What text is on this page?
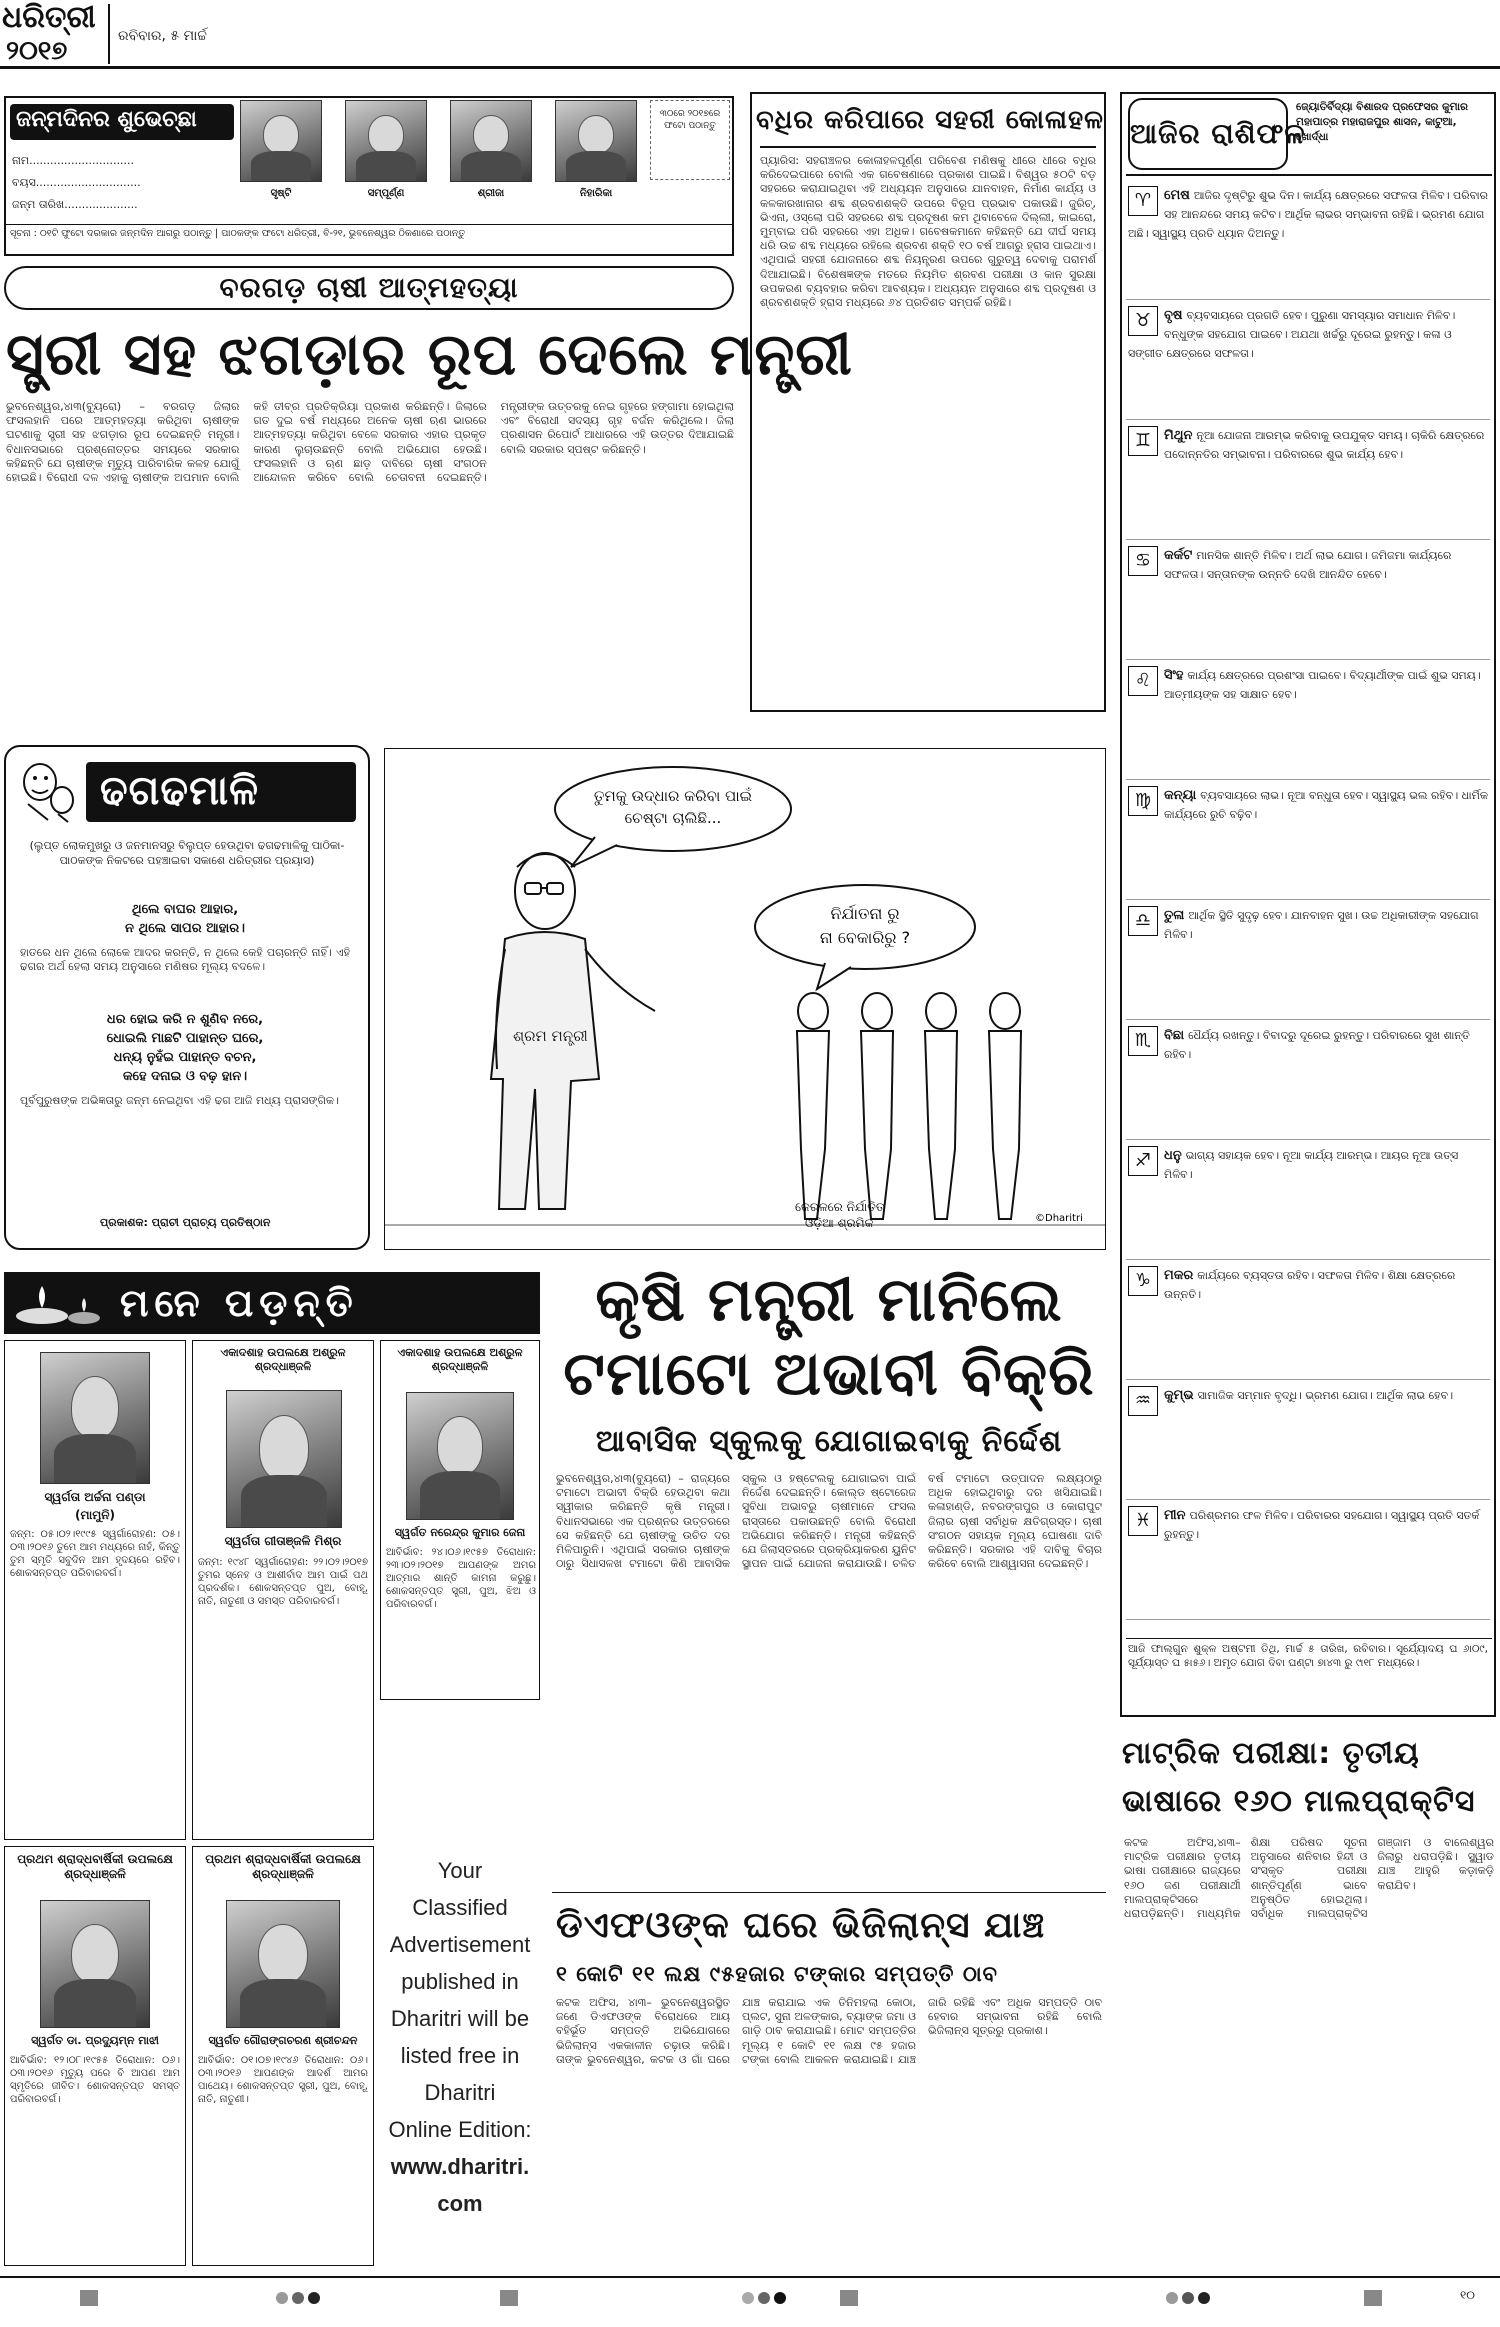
ଧରିତ୍ରୀ
୨୦୧୭	ରବିବାର, ୫ ମାର୍ଚ୍ଚ
ଜନ୍ମଦିନର ଶୁଭେଚ୍ଛା
ନାମ..............................
ବୟସ..............................
ଜନ୍ମ ତାରିଖ.....................
ସୃଷ୍ଟି	ସମ୍ପୂର୍ଣ୍ଣ	ଶ୍ରୀଜା	ନିହାରିକା
୩୦ରେ ୨୦୧୭ରେ ଫଟୋ ପଠାନ୍ତୁ
ସୂଚନା : ୦୧ଟି ଫୁଟୋ ଦରକାର ଜନ୍ମଦିନ ଆଗରୁ ପଠାନ୍ତୁ | ପାଠକଙ୍କ ଫଟୋ ଧରିତ୍ରୀ, ବି-୨୧, ଭୁବନେଶ୍ୱର ଠିକଣାରେ ପଠାନ୍ତୁ
ବରଗଡ଼ ଚାଷୀ ଆତ୍ମହତ୍ୟା
ସ୍ତ୍ରୀ ସହ ଝଗଡ଼ାର ରୂପ ଦେଲେ ମନ୍ତ୍ରୀ
ଭୁବନେଶ୍ୱର,୪ା୩(ବ୍ୟୁରୋ) – ବରଗଡ଼ ଜିଲାର ଫସଲହାନି ପରେ ଆତ୍ମହତ୍ୟା କରିଥିବା ଚାଷୀଙ୍କ ଘଟଣାକୁ ସ୍ତ୍ରୀ ସହ ଝଗଡ଼ାର ରୂପ ଦେଇଛନ୍ତି ମନ୍ତ୍ରୀ। ବିଧାନସଭାରେ ପ୍ରଶ୍ନୋତ୍ତର ସମୟରେ ସରକାର କହିଛନ୍ତି ଯେ ଚାଷୀଙ୍କ ମୃତ୍ୟୁ ପାରିବାରିକ କଳହ ଯୋଗୁଁ ହୋଇଛି। ବିରୋଧୀ ଦଳ ଏହାକୁ ଚାଷୀଙ୍କ ଅପମାନ ବୋଲି କହି ତୀବ୍ର ପ୍ରତିକ୍ରିୟା ପ୍ରକାଶ କରିଛନ୍ତି। ଜିଲାରେ ଗତ ଦୁଇ ବର୍ଷ ମଧ୍ୟରେ ଅନେକ ଚାଷୀ ଋଣ ଭାରରେ ଆତ୍ମହତ୍ୟା କରିଥିବା ବେଳେ ସରକାର ଏହାର ପ୍ରକୃତ କାରଣ ଲୁଚାଉଛନ୍ତି ବୋଲି ଅଭିଯୋଗ ହେଉଛି। ଫସଲହାନି ଓ ଋଣ ଛାଡ଼ ଦାବିରେ ଚାଷୀ ସଂଗଠନ ଆନ୍ଦୋଳନ କରିବେ ବୋଲି ଚେତାବନୀ ଦେଇଛନ୍ତି। ମନ୍ତ୍ରୀଙ୍କ ଉତ୍ତରକୁ ନେଇ ଗୃହରେ ହଙ୍ଗାମା ହୋଇଥିଲା ଏବଂ ବିରୋଧୀ ସଦସ୍ୟ ଗୃହ ବର୍ଜନ କରିଥିଲେ। ଜିଲା ପ୍ରଶାସନ ରିପୋର୍ଟ ଆଧାରରେ ଏହି ଉତ୍ତର ଦିଆଯାଇଛି ବୋଲି ସରକାର ସ୍ପଷ୍ଟ କରିଛନ୍ତି।
ବଧିର କରିପାରେ ସହରୀ କୋଳାହଳ
ପ୍ୟାରିସ: ସହରାଞ୍ଚଳର କୋଳାହଳପୂର୍ଣ୍ଣ ପରିବେଶ ମଣିଷକୁ ଧୀରେ ଧୀରେ ବଧିର କରିଦେଇପାରେ ବୋଲି ଏକ ଗବେଷଣାରେ ପ୍ରକାଶ ପାଇଛି। ବିଶ୍ୱର ୫୦ଟି ବଡ଼ ସହରରେ କରାଯାଇଥିବା ଏହି ଅଧ୍ୟୟନ ଅନୁସାରେ ଯାନବାହନ, ନିର୍ମାଣ କାର୍ଯ୍ୟ ଓ କଳକାରଖାନାର ଶବ୍ଦ ଶ୍ରବଣଶକ୍ତି ଉପରେ ବିରୂପ ପ୍ରଭାବ ପକାଉଛି। ଜୁରିଚ୍, ଭିଏନା, ଓସ୍ଲୋ ପରି ସହରରେ ଶବ୍ଦ ପ୍ରଦୂଷଣ କମ ଥିବାବେଳେ ଦିଲ୍ଲୀ, କାଇରୋ, ମୁମ୍ବାଇ ପରି ସହରରେ ଏହା ଅଧିକ। ଗବେଷକମାନେ କହିଛନ୍ତି ଯେ ଦୀର୍ଘ ସମୟ ଧରି ଉଚ୍ଚ ଶବ୍ଦ ମଧ୍ୟରେ ରହିଲେ ଶ୍ରବଣ ଶକ୍ତି ୧୦ ବର୍ଷ ଆଗରୁ ହ୍ରାସ ପାଇଥାଏ। ଏଥିପାଇଁ ସହରୀ ଯୋଜନାରେ ଶବ୍ଦ ନିୟନ୍ତ୍ରଣ ଉପରେ ଗୁରୁତ୍ୱ ଦେବାକୁ ପରାମର୍ଶ ଦିଆଯାଇଛି। ବିଶେଷଜ୍ଞଙ୍କ ମତରେ ନିୟମିତ ଶ୍ରବଣ ପରୀକ୍ଷା ଓ କାନ ସୁରକ୍ଷା ଉପକରଣ ବ୍ୟବହାର କରିବା ଆବଶ୍ୟକ। ଅଧ୍ୟୟନ ଅନୁସାରେ ଶବ୍ଦ ପ୍ରଦୂଷଣ ଓ ଶ୍ରବଣଶକ୍ତି ହ୍ରାସ ମଧ୍ୟରେ ୬୪ ପ୍ରତିଶତ ସମ୍ପର୍କ ରହିଛି।
ଆଜିର ରାଶିଫଳ
ଜ୍ୟୋତିର୍ବିଦ୍ୟା ବିଶାରଦ ପ୍ରଫେସର କୁମାର ମହାପାତ୍ର ମହାରାଜପୁର ଶାସନ, କାଟୁଆ, ଖୋର୍ଦ୍ଧା
♈ ମେଷ ଆଜିର ଦୃଷ୍ଟିରୁ ଶୁଭ ଦିନ। କାର୍ଯ୍ୟ କ୍ଷେତ୍ରରେ ସଫଳତା ମିଳିବ। ପରିବାର ସହ ଆନନ୍ଦରେ ସମୟ କଟିବ। ଆର୍ଥିକ ଲାଭର ସମ୍ଭାବନା ରହିଛି। ଭ୍ରମଣ ଯୋଗ ଅଛି। ସ୍ୱାସ୍ଥ୍ୟ ପ୍ରତି ଧ୍ୟାନ ଦିଅନ୍ତୁ।
♉ ବୃଷ ବ୍ୟବସାୟରେ ପ୍ରଗତି ହେବ। ପୁରୁଣା ସମସ୍ୟାର ସମାଧାନ ମିଳିବ। ବନ୍ଧୁଙ୍କ ସହଯୋଗ ପାଇବେ। ଅଯଥା ଖର୍ଚ୍ଚରୁ ଦୂରେଇ ରୁହନ୍ତୁ। କଳା ଓ ସଙ୍ଗୀତ କ୍ଷେତ୍ରରେ ସଫଳତା।
♊ ମିଥୁନ ନୂଆ ଯୋଜନା ଆରମ୍ଭ କରିବାକୁ ଉପଯୁକ୍ତ ସମୟ। ଚାକିରି କ୍ଷେତ୍ରରେ ପଦୋନ୍ନତିର ସମ୍ଭାବନା। ପରିବାରରେ ଶୁଭ କାର୍ଯ୍ୟ ହେବ।
♋ କର୍କଟ ମାନସିକ ଶାନ୍ତି ମିଳିବ। ଅର୍ଥ ଲାଭ ଯୋଗ। ଜମିଜମା କାର୍ଯ୍ୟରେ ସଫଳତା। ସନ୍ତାନଙ୍କ ଉନ୍ନତି ଦେଖି ଆନନ୍ଦିତ ହେବେ।
♌ ସିଂହ କାର୍ଯ୍ୟ କ୍ଷେତ୍ରରେ ପ୍ରଶଂସା ପାଇବେ। ବିଦ୍ୟାର୍ଥୀଙ୍କ ପାଇଁ ଶୁଭ ସମୟ। ଆତ୍ମୀୟଙ୍କ ସହ ସାକ୍ଷାତ ହେବ।
♍ କନ୍ୟା ବ୍ୟବସାୟରେ ଲାଭ। ନୂଆ ବନ୍ଧୁତା ହେବ। ସ୍ୱାସ୍ଥ୍ୟ ଭଲ ରହିବ। ଧାର୍ମିକ କାର୍ଯ୍ୟରେ ରୁଚି ବଢ଼ିବ।
♎ ତୁଳା ଆର୍ଥିକ ସ୍ଥିତି ସୁଦୃଢ଼ ହେବ। ଯାନବାହନ ସୁଖ। ଉଚ୍ଚ ଅଧିକାରୀଙ୍କ ସହଯୋଗ ମିଳିବ।
♏ ବିଛା ଧୈର୍ଯ୍ୟ ରଖନ୍ତୁ। ବିବାଦରୁ ଦୂରେଇ ରୁହନ୍ତୁ। ପରିବାରରେ ସୁଖ ଶାନ୍ତି ରହିବ।
♐ ଧନୁ ଭାଗ୍ୟ ସହାୟକ ହେବ। ନୂଆ କାର୍ଯ୍ୟ ଆରମ୍ଭ। ଆୟର ନୂଆ ଉତ୍ସ ମିଳିବ।
♑ ମକର କାର୍ଯ୍ୟରେ ବ୍ୟସ୍ତତା ରହିବ। ସଫଳତା ମିଳିବ। ଶିକ୍ଷା କ୍ଷେତ୍ରରେ ଉନ୍ନତି।
♒ କୁମ୍ଭ ସାମାଜିକ ସମ୍ମାନ ବୃଦ୍ଧି। ଭ୍ରମଣ ଯୋଗ। ଆର୍ଥିକ ଲାଭ ହେବ।
♓ ମୀନ ପରିଶ୍ରମର ଫଳ ମିଳିବ। ପରିବାରର ସହଯୋଗ। ସ୍ୱାସ୍ଥ୍ୟ ପ୍ରତି ସତର୍କ ରୁହନ୍ତୁ।
ଆଜି ଫାଲ୍ଗୁନ ଶୁକ୍ଳ ଅଷ୍ଟମୀ ତିଥି, ମାର୍ଚ୍ଚ ୫ ତାରିଖ, ରବିବାର। ସୂର୍ଯ୍ୟୋଦୟ ଘ ୬ା୦୯, ସୂର୍ଯ୍ୟାସ୍ତ ଘ ୫ା୫୬। ଅମୃତ ଯୋଗ ଦିବା ଘଣ୍ଟା ୭ା୪୩ ରୁ ୯ା୧୮ ମଧ୍ୟରେ।
ଢଗଢମାଳି
(ଲୁପ୍ତ ଲୋକମୁଖରୁ ଓ ଜନମାନସରୁ ବିଲୁପ୍ତ ହେଉଥିବା ଢଗଢମାଳିକୁ ପାଠିକା-ପାଠକଙ୍କ ନିକଟରେ ପହଞ୍ଚାଇବା ସକାଶେ ଧରିତ୍ରୀର ପ୍ରୟାସ)
ଥିଲେ ବାଘର ଆହାର,
ନ ଥିଲେ ସାପର ଆହାର।
ହାତରେ ଧନ ଥିଲେ ଲୋକେ ଆଦର କରନ୍ତି, ନ ଥିଲେ କେହି ପଚାରନ୍ତି ନାହିଁ। ଏହି ଢଗର ଅର୍ଥ ହେଲା ସମୟ ଅନୁସାରେ ମଣିଷର ମୂଲ୍ୟ ବଦଳେ।
ଧର ହୋଇ କରି ନ ଶୁଣିବ ନରେ,
ଧୋଇଲି ମାଛଟି ପାହାନ୍ତ ଘରେ,
ଧନ୍ୟ ନୁହଁଇ ପାହାନ୍ତ ବଚନ,
କହେ ଦନାଇ ଓ ବଢ଼ ହାନ।
ପୂର୍ବପୁରୁଷଙ୍କ ଅଭିଜ୍ଞତାରୁ ଜନ୍ମ ନେଇଥିବା ଏହି ଢଗ ଆଜି ମଧ୍ୟ ପ୍ରାସଙ୍ଗିକ।
ପ୍ରକାଶକ: ପ୍ରାଚୀ ପ୍ରାଚ୍ୟ ପ୍ରତିଷ୍ଠାନ
ଶ୍ରମ ମନ୍ତ୍ରୀ
ତୁମକୁ ଉଦ୍ଧାର କରିବା ପାଇଁ
ଚେଷ୍ଟା ଚାଲିଛି...
ନିର୍ଯାତନା ରୁ
ନା ବେକାରିରୁ ?
କେରଳରେ ନିର୍ଯାତିତ
ଓଡ଼ିଆ ଶ୍ରମିକ	©Dharitri
ମନେ ପଡ଼ନ୍ତି
ସ୍ୱର୍ଗତା ଅର୍ଚ୍ଚନା ପଣ୍ଡା
(ମାମୁନି)
ଜନ୍ମ: ୦୫।୦୨।୧୯୯୫ ସ୍ୱର୍ଗାରୋହଣ: ୦୫।୦୩।୨୦୧୬ ତୁମେ ଆମ ମଧ୍ୟରେ ନାହଁ, କିନ୍ତୁ ତୁମ ସ୍ମୃତି ସବୁଦିନ ଆମ ହୃଦୟରେ ରହିବ। ଶୋକସନ୍ତପ୍ତ ପରିବାରବର୍ଗ।
ଏକାଦଶାହ ଉପଲକ୍ଷେ ଅଶ୍ରୁଳ ଶ୍ରଦ୍ଧାଞ୍ଜଳି
ସ୍ୱର୍ଗତା ଗୀତାଞ୍ଜଳି ମିଶ୍ର
ଜନ୍ମ: ୧୯୪୮ ସ୍ୱର୍ଗାରୋହଣ: ୨୨।୦୨।୨୦୧୭ ତୁମର ସ୍ନେହ ଓ ଆଶୀର୍ବାଦ ଆମ ପାଇଁ ପଥ ପ୍ରଦର୍ଶକ। ଶୋକସନ୍ତପ୍ତ ପୁଅ, ବୋହୂ, ନାତି, ନାତୁଣୀ ଓ ସମସ୍ତ ପରିବାରବର୍ଗ।
ଏକାଦଶାହ ଉପଲକ୍ଷେ ଅଶ୍ରୁଳ ଶ୍ରଦ୍ଧାଞ୍ଜଳି
ସ୍ୱର୍ଗତ ନରେନ୍ଦ୍ର କୁମାର ଜେନା
ଆବିର୍ଭାବ: ୨୪।୦୬।୧୯୫୭ ତିରୋଧାନ: ୨୩।୦୨।୨୦୧୭ ଆପଣଙ୍କ ଅମର ଆତ୍ମାର ଶାନ୍ତି କାମନା କରୁଛୁ। ଶୋକସନ୍ତପ୍ତ ସ୍ତ୍ରୀ, ପୁଅ, ଝିଅ ଓ ପରିବାରବର୍ଗ।
ପ୍ରଥମ ଶ୍ରାଦ୍ଧବାର୍ଷିକୀ ଉପଲକ୍ଷେ ଶ୍ରଦ୍ଧାଞ୍ଜଳି
ସ୍ୱର୍ଗତ ଡା. ପ୍ରଦ୍ୟୁମ୍ନ ମାଝୀ
ଆବିର୍ଭାବ: ୧୨।୦୮।୧୯୫୫ ତିରୋଧାନ: ୦୬।୦୩।୨୦୧୬ ମୃତ୍ୟୁ ପରେ ବି ଆପଣ ଆମ ସ୍ମୃତିରେ ଜୀବିତ। ଶୋକସନ୍ତପ୍ତ ସମସ୍ତ ପରିବାରବର୍ଗ।
ପ୍ରଥମ ଶ୍ରାଦ୍ଧବାର୍ଷିକୀ ଉପଲକ୍ଷେ ଶ୍ରଦ୍ଧାଞ୍ଜଳି
ସ୍ୱର୍ଗତ ଗୌରାଙ୍ଗଚରଣ ଶ୍ରୀଚନ୍ଦନ
ଆବିର୍ଭାବ: ୦୧।୦୭।୧୯୪୬ ତିରୋଧାନ: ୦୬।୦୩।୨୦୧୬ ଆପଣଙ୍କ ଆଦର୍ଶ ଆମର ପାଥେୟ। ଶୋକସନ୍ତପ୍ତ ସ୍ତ୍ରୀ, ପୁଅ, ବୋହୂ, ନାତି, ନାତୁଣୀ।
Your
Classified
Advertisement
published in
Dharitri will be
listed free in
Dharitri
Online Edition:
www.dharitri.
com
କୃଷି ମନ୍ତ୍ରୀ ମାନିଲେ
ଟମାଟୋ ଅଭାବୀ ବିକ୍ରି
ଆବାସିକ ସ୍କୁଲକୁ ଯୋଗାଇବାକୁ ନିର୍ଦ୍ଦେଶ
ଭୁବନେଶ୍ୱର,୪ା୩(ବ୍ୟୁରୋ) – ରାଜ୍ୟରେ ଟମାଟୋ ଅଭାବୀ ବିକ୍ରି ହେଉଥିବା କଥା ସ୍ୱୀକାର କରିଛନ୍ତି କୃଷି ମନ୍ତ୍ରୀ। ବିଧାନସଭାରେ ଏକ ପ୍ରଶ୍ନର ଉତ୍ତରରେ ସେ କହିଛନ୍ତି ଯେ ଚାଷୀଙ୍କୁ ଉଚିତ ଦର ମିଳିପାରୁନି। ଏଥିପାଇଁ ସରକାର ଚାଷୀଙ୍କ ଠାରୁ ସିଧାସଳଖ ଟମାଟୋ କିଣି ଆବାସିକ ସ୍କୁଲ ଓ ହଷ୍ଟେଲକୁ ଯୋଗାଇବା ପାଇଁ ନିର୍ଦ୍ଦେଶ ଦେଇଛନ୍ତି। କୋଲ୍ଡ ଷ୍ଟୋରେଜ ସୁବିଧା ଅଭାବରୁ ଚାଷୀମାନେ ଫସଲ ରାସ୍ତାରେ ପକାଉଛନ୍ତି ବୋଲି ବିରୋଧୀ ଅଭିଯୋଗ କରିଛନ୍ତି। ମନ୍ତ୍ରୀ କହିଛନ୍ତି ଯେ ଜିଲାସ୍ତରରେ ପ୍ରକ୍ରିୟାକରଣ ୟୁନିଟ ସ୍ଥାପନ ପାଇଁ ଯୋଜନା କରାଯାଉଛି। ଚଳିତ ବର୍ଷ ଟମାଟୋ ଉତ୍ପାଦନ ଲକ୍ଷ୍ୟଠାରୁ ଅଧିକ ହୋଇଥିବାରୁ ଦର ଖସିଯାଇଛି। କଳାହାଣ୍ଡି, ନବରଙ୍ଗପୁର ଓ କୋରାପୁଟ ଜିଲାର ଚାଷୀ ସର୍ବାଧିକ କ୍ଷତିଗ୍ରସ୍ତ। ଚାଷୀ ସଂଗଠନ ସହାୟକ ମୂଲ୍ୟ ଘୋଷଣା ଦାବି କରିଛନ୍ତି। ସରକାର ଏହି ଦାବିକୁ ବିଚାର କରିବେ ବୋଲି ଆଶ୍ୱାସନା ଦେଇଛନ୍ତି।
ଡିଏଫଓଙ୍କ ଘରେ ଭିଜିଲାନ୍ସ ଯାଞ୍ଚ
୧ କୋଟି ୧୧ ଲକ୍ଷ ୯୫ହଜାର ଟଙ୍କାର ସମ୍ପତ୍ତି ଠାବ
କଟକ ଅଫିସ, ୪ା୩– ଭୁବନେଶ୍ୱରସ୍ଥିତ ଜଣେ ଡିଏଫଓଙ୍କ ବିରୋଧରେ ଆୟ ବହିର୍ଭୂତ ସମ୍ପତ୍ତି ଅଭିଯୋଗରେ ଭିଜିଲାନ୍ସ ଏକକାଳୀନ ଚଢ଼ାଉ କରିଛି। ତାଙ୍କ ଭୁବନେଶ୍ୱର, କଟକ ଓ ଗାଁ ଘରେ ଯାଞ୍ଚ କରାଯାଇ ଏକ ତିନିମହଲା କୋଠା, ପ୍ଲଟ, ସୁନା ଅଳଙ୍କାର, ବ୍ୟାଙ୍କ ଜମା ଓ ଗାଡ଼ି ଠାବ କରାଯାଇଛି। ମୋଟ ସମ୍ପତ୍ତିର ମୂଲ୍ୟ ୧ କୋଟି ୧୧ ଲକ୍ଷ ୯୫ ହଜାର ଟଙ୍କା ବୋଲି ଆକଳନ କରାଯାଇଛି। ଯାଞ୍ଚ ଜାରି ରହିଛି ଏବଂ ଅଧିକ ସମ୍ପତ୍ତି ଠାବ ହେବାର ସମ୍ଭାବନା ରହିଛି ବୋଲି ଭିଜିଲାନ୍ସ ସୂତ୍ରରୁ ପ୍ରକାଶ।
ମାଟ୍ରିକ ପରୀକ୍ଷା: ତୃତୀୟ
ଭାଷାରେ ୧୬୦ ମାଲପ୍ରାକ୍ଟିସ
କଟକ ଅଫିସ,୪ା୩– ମାଟ୍ରିକ ପରୀକ୍ଷାର ତୃତୀୟ ଭାଷା ପରୀକ୍ଷାରେ ରାଜ୍ୟରେ ୧୬୦ ଜଣ ପରୀକ୍ଷାର୍ଥୀ ମାଲପ୍ରାକ୍ଟିସରେ ଧରାପଡ଼ିଛନ୍ତି। ମାଧ୍ୟମିକ ଶିକ୍ଷା ପରିଷଦ ସୂଚନା ଅନୁସାରେ ଶନିବାର ହିନ୍ଦୀ ଓ ସଂସ୍କୃତ ପରୀକ୍ଷା ଶାନ୍ତିପୂର୍ଣ୍ଣ ଭାବେ ଅନୁଷ୍ଠିତ ହୋଇଥିଲା। ସର୍ବାଧିକ ମାଲପ୍ରାକ୍ଟିସ ଗଞ୍ଜାମ ଓ ବାଲେଶ୍ୱର ଜିଲାରୁ ଧରାପଡ଼ିଛି। ସ୍କ୍ୱାଡ ଯାଞ୍ଚ ଆହୁରି କଡ଼ାକଡ଼ି କରାଯିବ।
୧୦
